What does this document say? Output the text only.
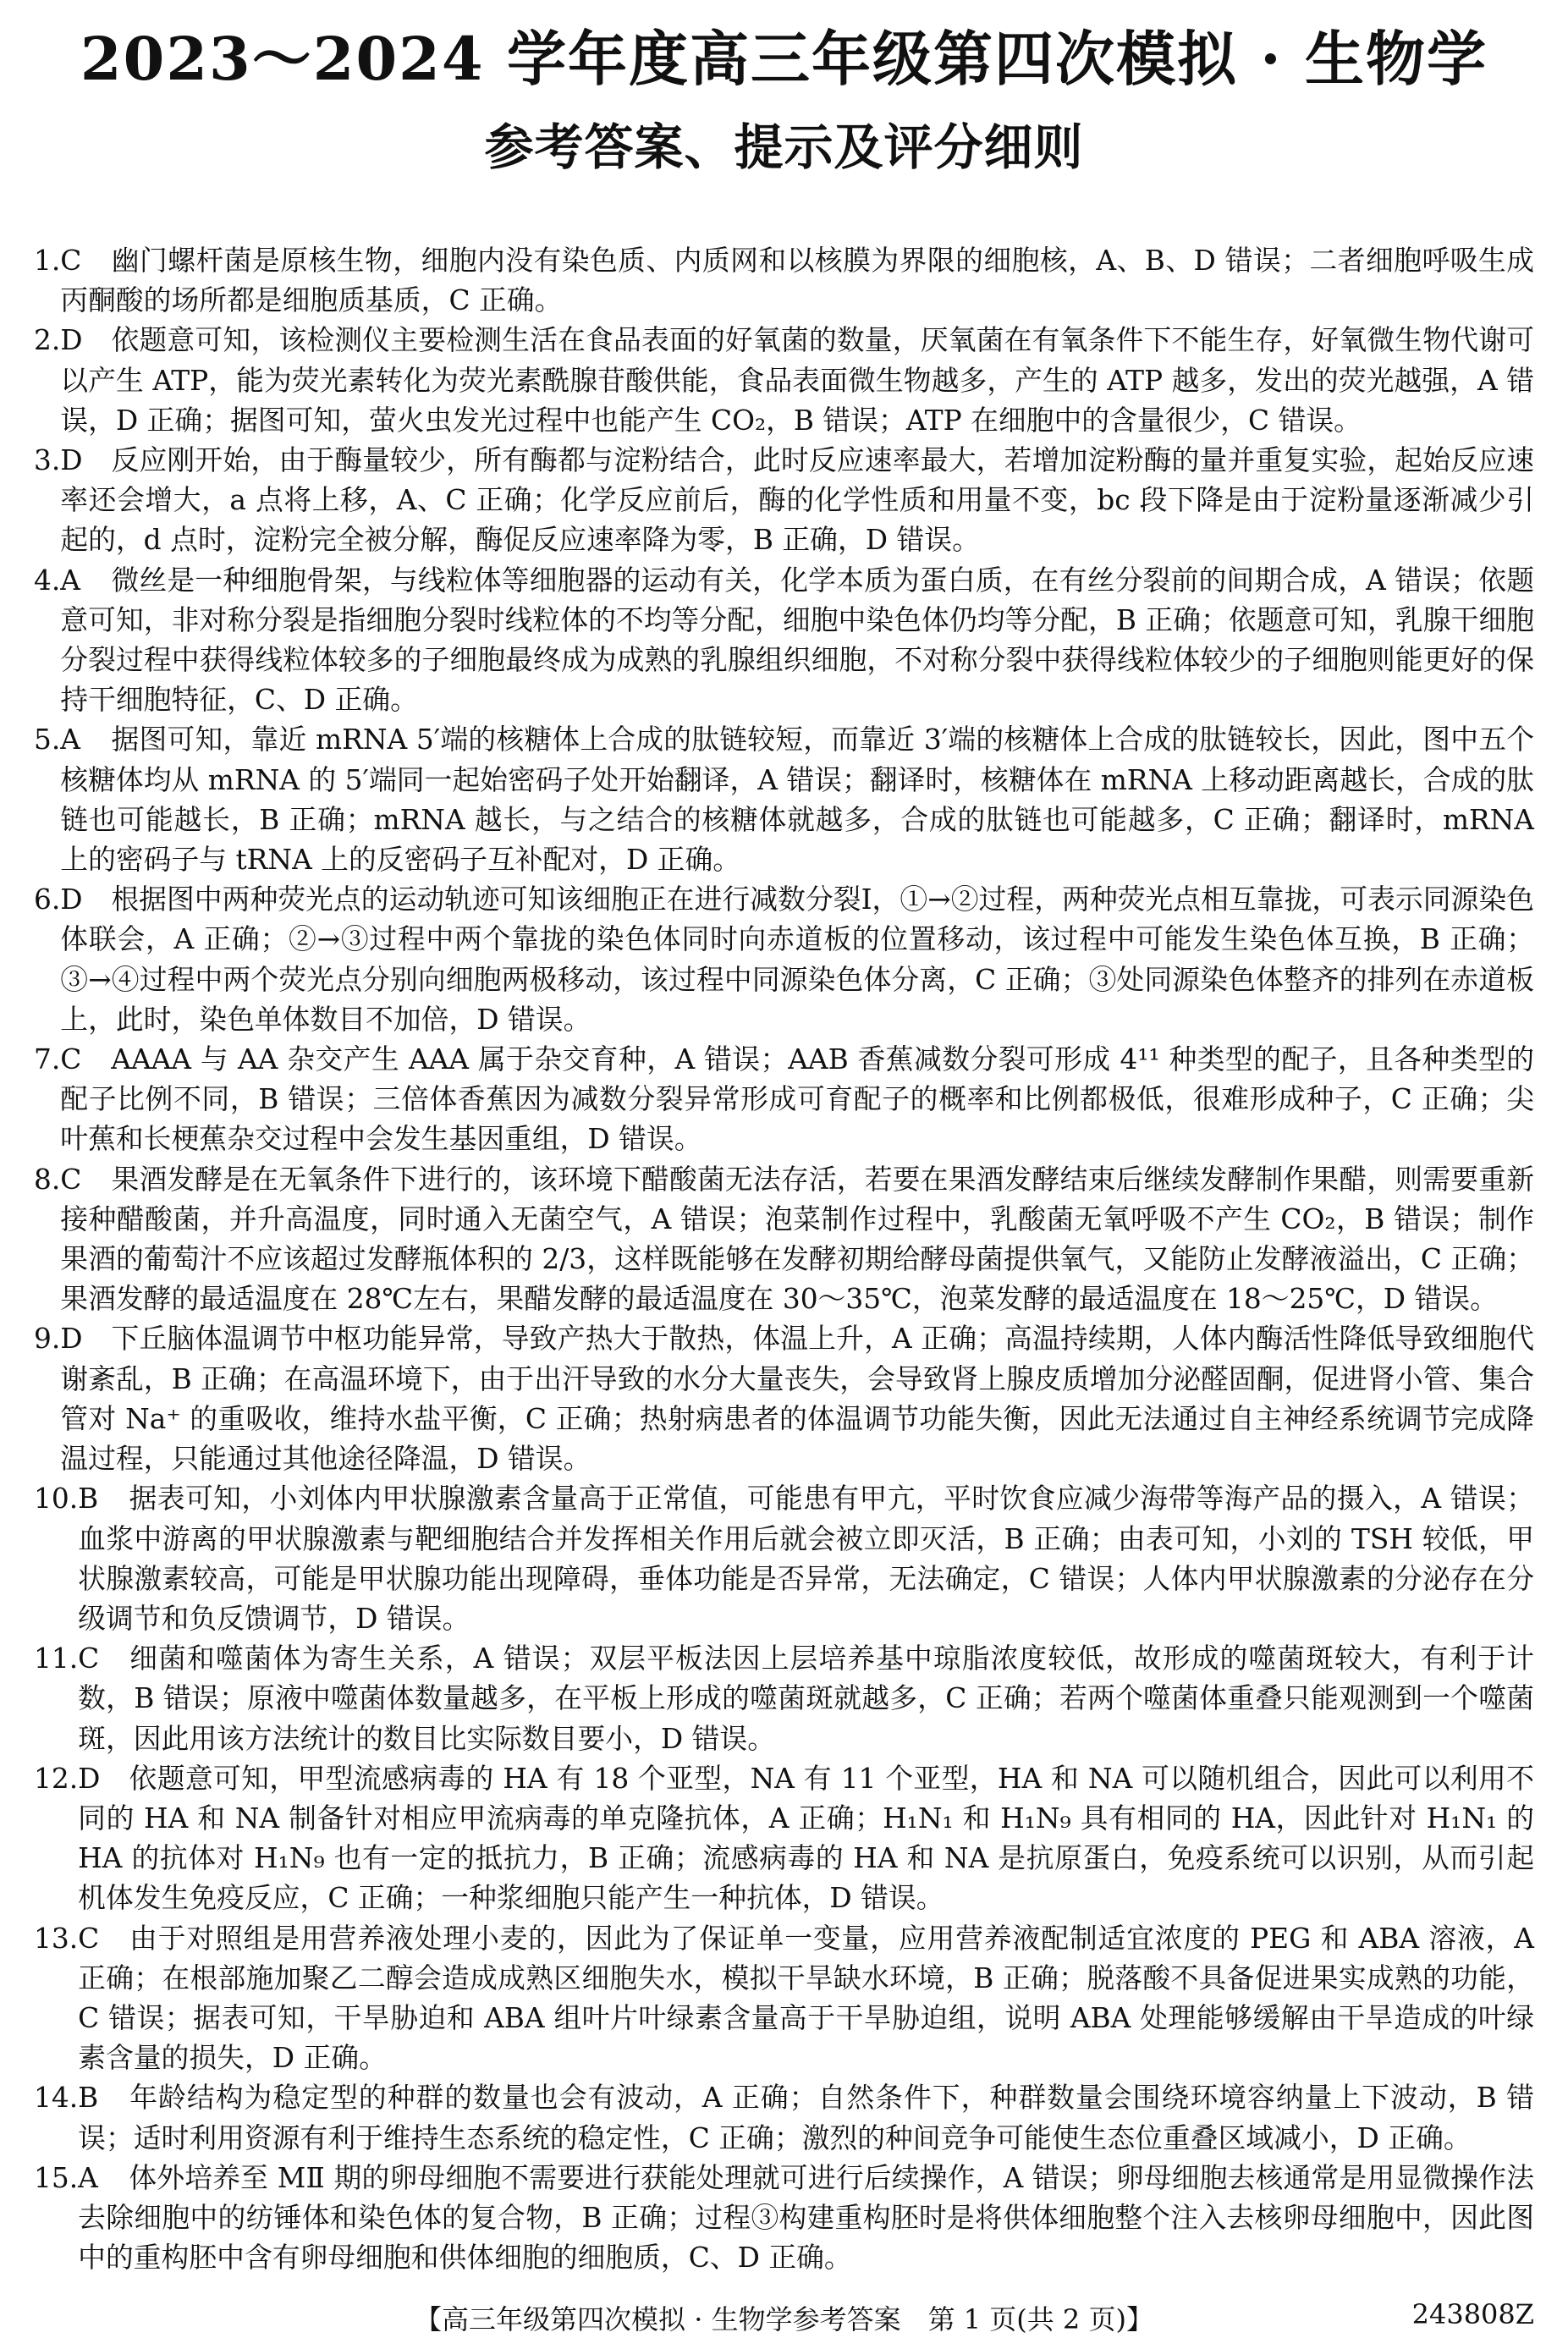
2023～2024 学年度高三年级第四次模拟 · 生物学
参考答案、提示及评分细则
1. C 幽门螺杆菌是原核生物，细胞内没有染色质、内质网和以核膜为界限的细胞核，A、B、D 错误；二者细胞呼吸生成丙酮酸的场所都是细胞质基质，C 正确。
2. D 依题意可知，该检测仪主要检测生活在食品表面的好氧菌的数量，厌氧菌在有氧条件下不能生存，好氧微生物代谢可以产生 ATP，能为荧光素转化为荧光素酰腺苷酸供能，食品表面微生物越多，产生的 ATP 越多，发出的荧光越强，A 错误，D 正确；据图可知，萤火虫发光过程中也能产生 CO₂，B 错误；ATP 在细胞中的含量很少，C 错误。
3. D 反应刚开始，由于酶量较少，所有酶都与淀粉结合，此时反应速率最大，若增加淀粉酶的量并重复实验，起始反应速率还会增大，a 点将上移，A、C 正确；化学反应前后，酶的化学性质和用量不变，bc 段下降是由于淀粉量逐渐减少引起的，d 点时，淀粉完全被分解，酶促反应速率降为零，B 正确，D 错误。
4. A 微丝是一种细胞骨架，与线粒体等细胞器的运动有关，化学本质为蛋白质，在有丝分裂前的间期合成，A 错误；依题意可知，非对称分裂是指细胞分裂时线粒体的不均等分配，细胞中染色体仍均等分配，B 正确；依题意可知，乳腺干细胞分裂过程中获得线粒体较多的子细胞最终成为成熟的乳腺组织细胞，不对称分裂中获得线粒体较少的子细胞则能更好的保持干细胞特征，C、D 正确。
5. A 据图可知，靠近 mRNA 5′端的核糖体上合成的肽链较短，而靠近 3′端的核糖体上合成的肽链较长，因此，图中五个核糖体均从 mRNA 的 5′端同一起始密码子处开始翻译，A 错误；翻译时，核糖体在 mRNA 上移动距离越长，合成的肽链也可能越长，B 正确；mRNA 越长，与之结合的核糖体就越多，合成的肽链也可能越多，C 正确；翻译时，mRNA 上的密码子与 tRNA 上的反密码子互补配对，D 正确。
6. D 根据图中两种荧光点的运动轨迹可知该细胞正在进行减数分裂Ⅰ，①→②过程，两种荧光点相互靠拢，可表示同源染色体联会，A 正确；②→③过程中两个靠拢的染色体同时向赤道板的位置移动，该过程中可能发生染色体互换，B 正确；③→④过程中两个荧光点分别向细胞两极移动，该过程中同源染色体分离，C 正确；③处同源染色体整齐的排列在赤道板上，此时，染色单体数目不加倍，D 错误。
7. C AAAA 与 AA 杂交产生 AAA 属于杂交育种，A 错误；AAB 香蕉减数分裂可形成 4¹¹ 种类型的配子，且各种类型的配子比例不同，B 错误；三倍体香蕉因为减数分裂异常形成可育配子的概率和比例都极低，很难形成种子，C 正确；尖叶蕉和长梗蕉杂交过程中会发生基因重组，D 错误。
8. C 果酒发酵是在无氧条件下进行的，该环境下醋酸菌无法存活，若要在果酒发酵结束后继续发酵制作果醋，则需要重新接种醋酸菌，并升高温度，同时通入无菌空气，A 错误；泡菜制作过程中，乳酸菌无氧呼吸不产生 CO₂，B 错误；制作果酒的葡萄汁不应该超过发酵瓶体积的 2/3，这样既能够在发酵初期给酵母菌提供氧气，又能防止发酵液溢出，C 正确；果酒发酵的最适温度在 28℃左右，果醋发酵的最适温度在 30～35℃，泡菜发酵的最适温度在 18～25℃，D 错误。
9. D 下丘脑体温调节中枢功能异常，导致产热大于散热，体温上升，A 正确；高温持续期，人体内酶活性降低导致细胞代谢紊乱，B 正确；在高温环境下，由于出汗导致的水分大量丧失，会导致肾上腺皮质增加分泌醛固酮，促进肾小管、集合管对 Na⁺ 的重吸收，维持水盐平衡，C 正确；热射病患者的体温调节功能失衡，因此无法通过自主神经系统调节完成降温过程，只能通过其他途径降温，D 错误。
10. B 据表可知，小刘体内甲状腺激素含量高于正常值，可能患有甲亢，平时饮食应减少海带等海产品的摄入，A 错误；血浆中游离的甲状腺激素与靶细胞结合并发挥相关作用后就会被立即灭活，B 正确；由表可知，小刘的 TSH 较低，甲状腺激素较高，可能是甲状腺功能出现障碍，垂体功能是否异常，无法确定，C 错误；人体内甲状腺激素的分泌存在分级调节和负反馈调节，D 错误。
11. C 细菌和噬菌体为寄生关系，A 错误；双层平板法因上层培养基中琼脂浓度较低，故形成的噬菌斑较大，有利于计数，B 错误；原液中噬菌体数量越多，在平板上形成的噬菌斑就越多，C 正确；若两个噬菌体重叠只能观测到一个噬菌斑，因此用该方法统计的数目比实际数目要小，D 错误。
12. D 依题意可知，甲型流感病毒的 HA 有 18 个亚型，NA 有 11 个亚型，HA 和 NA 可以随机组合，因此可以利用不同的 HA 和 NA 制备针对相应甲流病毒的单克隆抗体，A 正确；H₁N₁ 和 H₁N₉ 具有相同的 HA，因此针对 H₁N₁ 的 HA 的抗体对 H₁N₉ 也有一定的抵抗力，B 正确；流感病毒的 HA 和 NA 是抗原蛋白，免疫系统可以识别，从而引起机体发生免疫反应，C 正确；一种浆细胞只能产生一种抗体，D 错误。
13. C 由于对照组是用营养液处理小麦的，因此为了保证单一变量，应用营养液配制适宜浓度的 PEG 和 ABA 溶液，A 正确；在根部施加聚乙二醇会造成成熟区细胞失水，模拟干旱缺水环境，B 正确；脱落酸不具备促进果实成熟的功能，C 错误；据表可知，干旱胁迫和 ABA 组叶片叶绿素含量高于干旱胁迫组，说明 ABA 处理能够缓解由干旱造成的叶绿素含量的损失，D 正确。
14. B 年龄结构为稳定型的种群的数量也会有波动，A 正确；自然条件下，种群数量会围绕环境容纳量上下波动，B 错误；适时利用资源有利于维持生态系统的稳定性，C 正确；激烈的种间竞争可能使生态位重叠区域减小，D 正确。
15. A 体外培养至 MⅡ 期的卵母细胞不需要进行获能处理就可进行后续操作，A 错误；卵母细胞去核通常是用显微操作法去除细胞中的纺锤体和染色体的复合物，B 正确；过程③构建重构胚时是将供体细胞整个注入去核卵母细胞中，因此图中的重构胚中含有卵母细胞和供体细胞的细胞质，C、D 正确。
【高三年级第四次模拟 · 生物学参考答案　第 1 页(共 2 页)】	243808Z
